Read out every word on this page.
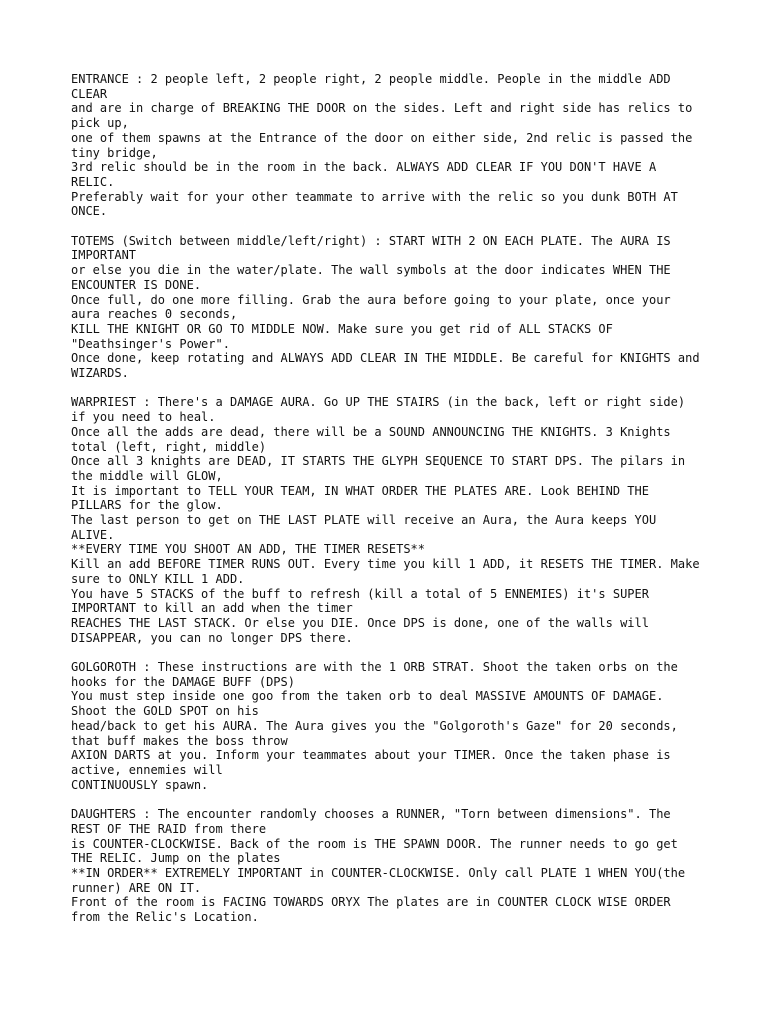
ENTRANCE : 2 people left, 2 people right, 2 people middle. People in the middle ADD CLEAR
and are in charge of BREAKING THE DOOR on the sides. Left and right side has relics to pick up,
one of them spawns at the Entrance of the door on either side, 2nd relic is passed the tiny bridge,
3rd relic should be in the room in the back. ALWAYS ADD CLEAR IF YOU DON'T HAVE A RELIC.
Preferably wait for your other teammate to arrive with the relic so you dunk BOTH AT ONCE.
TOTEMS (Switch between middle/left/right) : START WITH 2 ON EACH PLATE. The AURA IS IMPORTANT
or else you die in the water/plate. The wall symbols at the door indicates WHEN THE ENCOUNTER IS DONE.
Once full, do one more filling. Grab the aura before going to your plate, once your aura reaches 0 seconds,
KILL THE KNIGHT OR GO TO MIDDLE NOW. Make sure you get rid of ALL STACKS OF "Deathsinger's Power".
Once done, keep rotating and ALWAYS ADD CLEAR IN THE MIDDLE. Be careful for KNIGHTS and WIZARDS.
WARPRIEST : There's a DAMAGE AURA. Go UP THE STAIRS (in the back, left or right side) if you need to heal.
Once all the adds are dead, there will be a SOUND ANNOUNCING THE KNIGHTS. 3 Knights total (left, right, middle)
Once all 3 knights are DEAD, IT STARTS THE GLYPH SEQUENCE TO START DPS. The pilars in the middle will GLOW,
It is important to TELL YOUR TEAM, IN WHAT ORDER THE PLATES ARE. Look BEHIND THE PILLARS for the glow.
The last person to get on THE LAST PLATE will receive an Aura, the Aura keeps YOU ALIVE.
**EVERY TIME YOU SHOOT AN ADD, THE TIMER RESETS**
Kill an add BEFORE TIMER RUNS OUT. Every time you kill 1 ADD, it RESETS THE TIMER. Make sure to ONLY KILL 1 ADD.
You have 5 STACKS of the buff to refresh (kill a total of 5 ENNEMIES) it's SUPER IMPORTANT to kill an add when the timer
REACHES THE LAST STACK. Or else you DIE. Once DPS is done, one of the walls will DISAPPEAR, you can no longer DPS there.
GOLGOROTH : These instructions are with the 1 ORB STRAT. Shoot the taken orbs on the hooks for the DAMAGE BUFF (DPS)
You must step inside one goo from the taken orb to deal MASSIVE AMOUNTS OF DAMAGE. Shoot the GOLD SPOT on his
head/back to get his AURA. The Aura gives you the "Golgoroth's Gaze" for 20 seconds, that buff makes the boss throw
AXION DARTS at you. Inform your teammates about your TIMER. Once the taken phase is active, ennemies will
CONTINUOUSLY spawn.
DAUGHTERS : The encounter randomly chooses a RUNNER, "Torn between dimensions". The REST OF THE RAID from there
is COUNTER-CLOCKWISE. Back of the room is THE SPAWN DOOR. The runner needs to go get THE RELIC. Jump on the plates
**IN ORDER** EXTREMELY IMPORTANT in COUNTER-CLOCKWISE. Only call PLATE 1 WHEN YOU(the runner) ARE ON IT.
Front of the room is FACING TOWARDS ORYX The plates are in COUNTER CLOCK WISE ORDER from the Relic's Location.
